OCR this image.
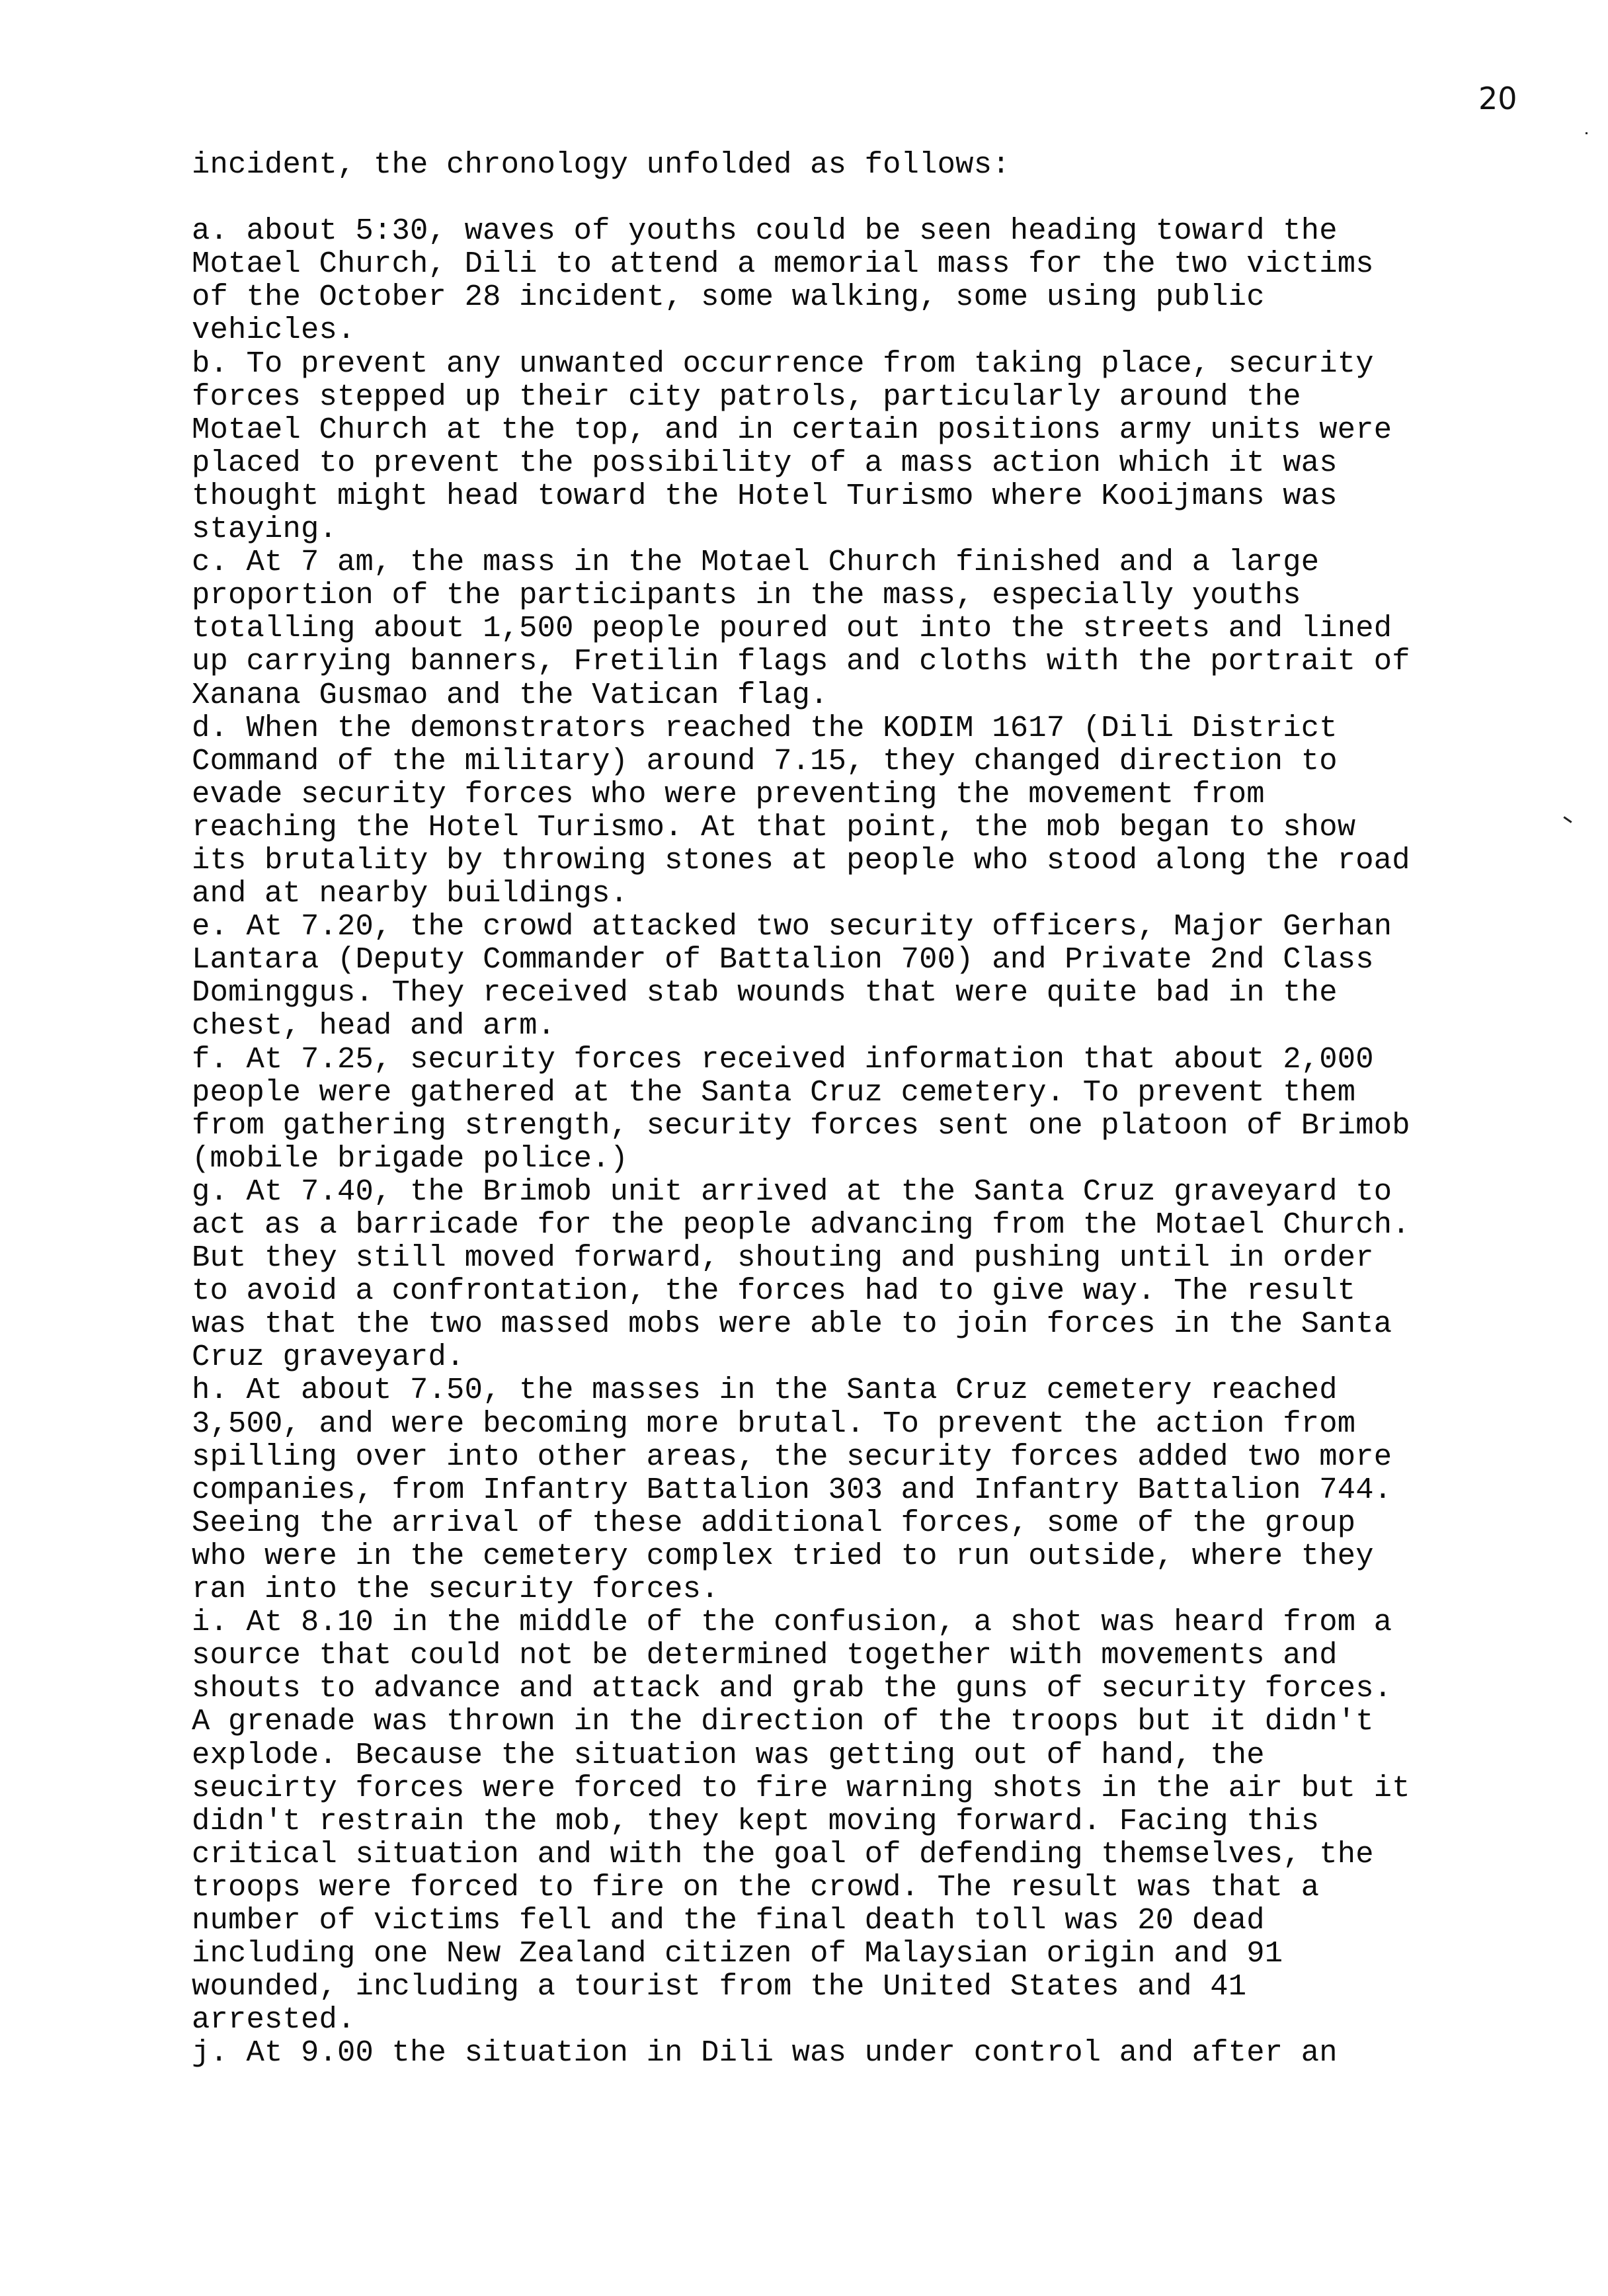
20
incident, the chronology unfolded as follows:
a. about 5:30, waves of youths could be seen heading toward the
Motael Church, Dili to attend a memorial mass for the two victims
of the October 28 incident, some walking, some using public
vehicles.
b. To prevent any unwanted occurrence from taking place, security
forces stepped up their city patrols, particularly around the
Motael Church at the top, and in certain positions army units were
placed to prevent the possibility of a mass action which it was
thought might head toward the Hotel Turismo where Kooijmans was
staying.
c. At 7 am, the mass in the Motael Church finished and a large
proportion of the participants in the mass, especially youths
totalling about 1,500 people poured out into the streets and lined
up carrying banners, Fretilin flags and cloths with the portrait of
Xanana Gusmao and the Vatican flag.
d. When the demonstrators reached the KODIM 1617 (Dili District
Command of the military) around 7.15, they changed direction to
evade security forces who were preventing the movement from
reaching the Hotel Turismo. At that point, the mob began to show
its brutality by throwing stones at people who stood along the road
and at nearby buildings.
e. At 7.20, the crowd attacked two security officers, Major Gerhan
Lantara (Deputy Commander of Battalion 700) and Private 2nd Class
Dominggus. They received stab wounds that were quite bad in the
chest, head and arm.
f. At 7.25, security forces received information that about 2,000
people were gathered at the Santa Cruz cemetery. To prevent them
from gathering strength, security forces sent one platoon of Brimob
(mobile brigade police.)
g. At 7.40, the Brimob unit arrived at the Santa Cruz graveyard to
act as a barricade for the people advancing from the Motael Church.
But they still moved forward, shouting and pushing until in order
to avoid a confrontation, the forces had to give way. The result
was that the two massed mobs were able to join forces in the Santa
Cruz graveyard.
h. At about 7.50, the masses in the Santa Cruz cemetery reached
3,500, and were becoming more brutal. To prevent the action from
spilling over into other areas, the security forces added two more
companies, from Infantry Battalion 303 and Infantry Battalion 744.
Seeing the arrival of these additional forces, some of the group
who were in the cemetery complex tried to run outside, where they
ran into the security forces.
i. At 8.10 in the middle of the confusion, a shot was heard from a
source that could not be determined together with movements and
shouts to advance and attack and grab the guns of security forces.
A grenade was thrown in the direction of the troops but it didn't
explode. Because the situation was getting out of hand, the
seucirty forces were forced to fire warning shots in the air but it
didn't restrain the mob, they kept moving forward. Facing this
critical situation and with the goal of defending themselves, the
troops were forced to fire on the crowd. The result was that a
number of victims fell and the final death toll was 20 dead
including one New Zealand citizen of Malaysian origin and 91
wounded, including a tourist from the United States and 41
arrested.
j. At 9.00 the situation in Dili was under control and after an
